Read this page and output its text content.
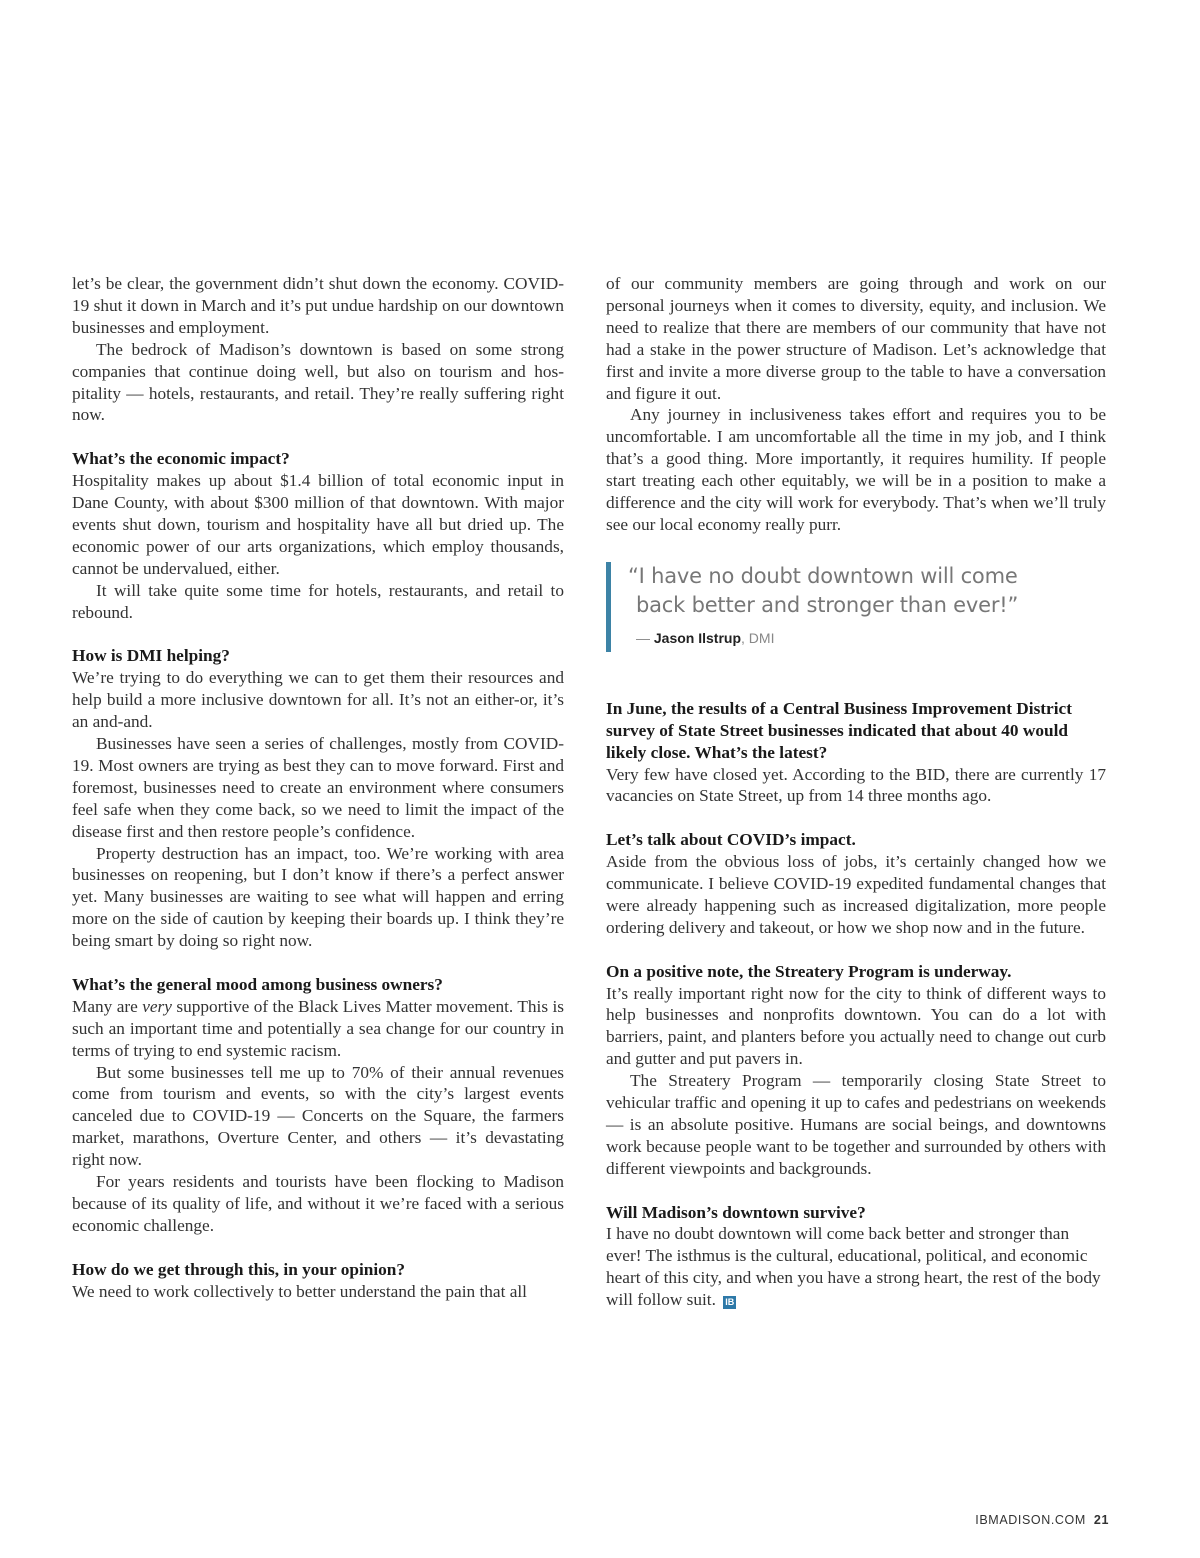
let’s be clear, the government didn’t shut down the economy. COVID-19 shut it down in March and it’s put undue hardship on our downtown businesses and employment.

The bedrock of Madison’s downtown is based on some strong companies that continue doing well, but also on tourism and hospitality — hotels, restaurants, and retail. They’re really suffering right now.

What’s the economic impact?

Hospitality makes up about $1.4 billion of total economic input in Dane County, with about $300 million of that downtown. With major events shut down, tourism and hospitality have all but dried up. The economic power of our arts organizations, which employ thousands, cannot be undervalued, either.

It will take quite some time for hotels, restaurants, and retail to rebound.

How is DMI helping?

We’re trying to do everything we can to get them their resources and help build a more inclusive downtown for all. It’s not an either-or, it’s an and-and.

Businesses have seen a series of challenges, mostly from COVID-19. Most owners are trying as best they can to move forward. First and foremost, businesses need to create an environment where consumers feel safe when they come back, so we need to limit the impact of the disease first and then restore people’s confidence.

Property destruction has an impact, too. We’re working with area businesses on reopening, but I don’t know if there’s a perfect answer yet. Many businesses are waiting to see what will happen and erring more on the side of caution by keeping their boards up. I think they’re being smart by doing so right now.

What’s the general mood among business owners?

Many are very supportive of the Black Lives Matter movement. This is such an important time and potentially a sea change for our country in terms of trying to end systemic racism.

But some businesses tell me up to 70% of their annual revenues come from tourism and events, so with the city’s largest events canceled due to COVID-19 — Concerts on the Square, the farmers market, marathons, Overture Center, and others — it’s devastating right now.

For years residents and tourists have been flocking to Madison because of its quality of life, and without it we’re faced with a serious economic challenge.

How do we get through this, in your opinion?

We need to work collectively to better understand the pain that all

of our community members are going through and work on our personal journeys when it comes to diversity, equity, and inclusion. We need to realize that there are members of our community that have not had a stake in the power structure of Madison. Let’s acknowledge that first and invite a more diverse group to the table to have a conversation and figure it out.

Any journey in inclusiveness takes effort and requires you to be uncomfortable. I am uncomfortable all the time in my job, and I think that’s a good thing. More importantly, it requires humility. If people start treating each other equitably, we will be in a position to make a difference and the city will work for everybody. That’s when we’ll truly see our local economy really purr.

“I have no doubt downtown will come
back better and stronger than ever!”
— Jason Ilstrup, DMI
In June, the results of a Central Business Improvement District survey of State Street businesses indicated that about 40 would likely close. What’s the latest?

Very few have closed yet. According to the BID, there are currently 17 vacancies on State Street, up from 14 three months ago.

Let’s talk about COVID’s impact.

Aside from the obvious loss of jobs, it’s certainly changed how we communicate. I believe COVID-19 expedited fundamental changes that were already happening such as increased digitalization, more people ordering delivery and takeout, or how we shop now and in the future.

On a positive note, the Streatery Program is underway.

It’s really important right now for the city to think of different ways to help businesses and nonprofits downtown. You can do a lot with barriers, paint, and planters before you actually need to change out curb and gutter and put pavers in.

The Streatery Program — temporarily closing State Street to vehicular traffic and opening it up to cafes and pedestrians on weekends — is an absolute positive. Humans are social beings, and downtowns work because people want to be together and surrounded by others with different viewpoints and backgrounds.

Will Madison’s downtown survive?

I have no doubt downtown will come back better and stronger than ever! The isthmus is the cultural, educational, political, and economic heart of this city, and when you have a strong heart, the rest of the body will follow suit. IB

IBMADISON.COM 21
